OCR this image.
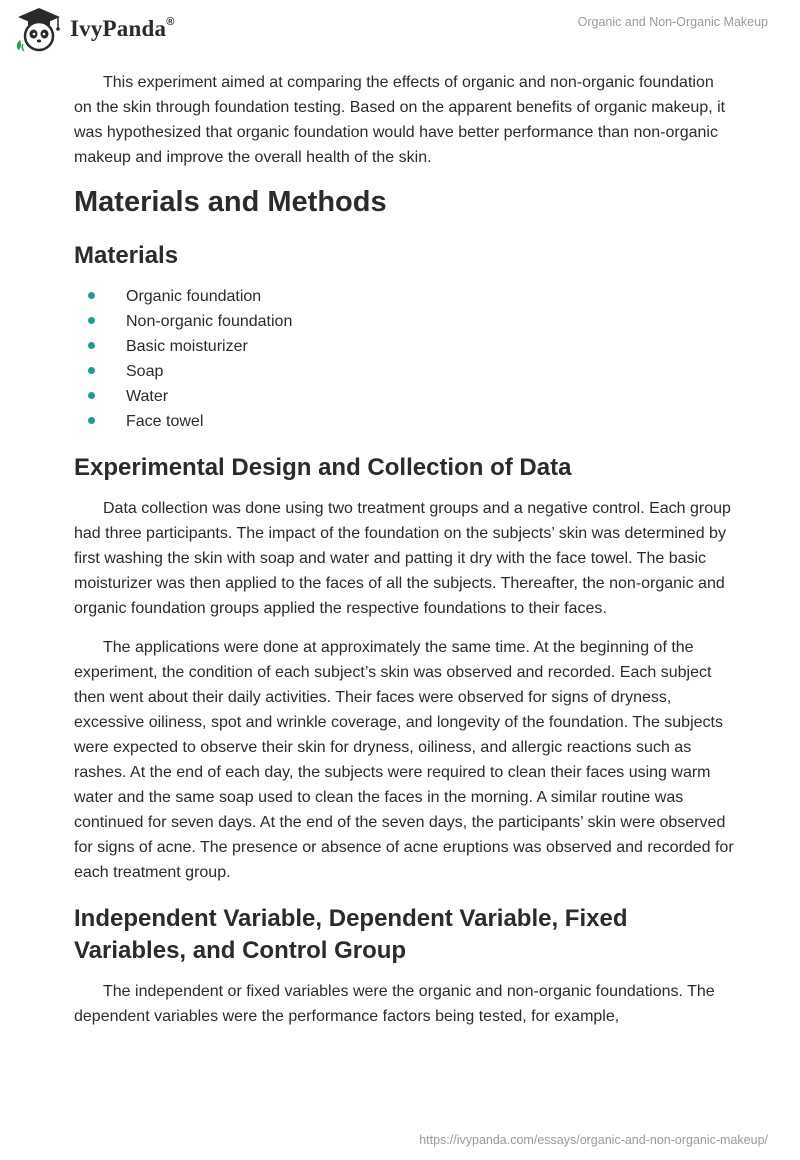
IvyPanda®	Organic and Non-Organic Makeup

This experiment aimed at comparing the effects of organic and non-organic foundation on the skin through foundation testing. Based on the apparent benefits of organic makeup, it was hypothesized that organic foundation would have better performance than non-organic makeup and improve the overall health of the skin.

Materials and Methods
Materials
Organic foundation
Non-organic foundation
Basic moisturizer
Soap
Water
Face towel
Experimental Design and Collection of Data

Data collection was done using two treatment groups and a negative control. Each group had three participants. The impact of the foundation on the subjects’ skin was determined by first washing the skin with soap and water and patting it dry with the face towel. The basic moisturizer was then applied to the faces of all the subjects. Thereafter, the non-organic and organic foundation groups applied the respective foundations to their faces.

The applications were done at approximately the same time. At the beginning of the experiment, the condition of each subject’s skin was observed and recorded. Each subject then went about their daily activities. Their faces were observed for signs of dryness, excessive oiliness, spot and wrinkle coverage, and longevity of the foundation. The subjects were expected to observe their skin for dryness, oiliness, and allergic reactions such as rashes. At the end of each day, the subjects were required to clean their faces using warm water and the same soap used to clean the faces in the morning. A similar routine was continued for seven days. At the end of the seven days, the participants’ skin were observed for signs of acne. The presence or absence of acne eruptions was observed and recorded for each treatment group.

Independent Variable, Dependent Variable, Fixed Variables, and Control Group

The independent or fixed variables were the organic and non-organic foundations. The dependent variables were the performance factors being tested, for example,

https://ivypanda.com/essays/organic-and-non-organic-makeup/
